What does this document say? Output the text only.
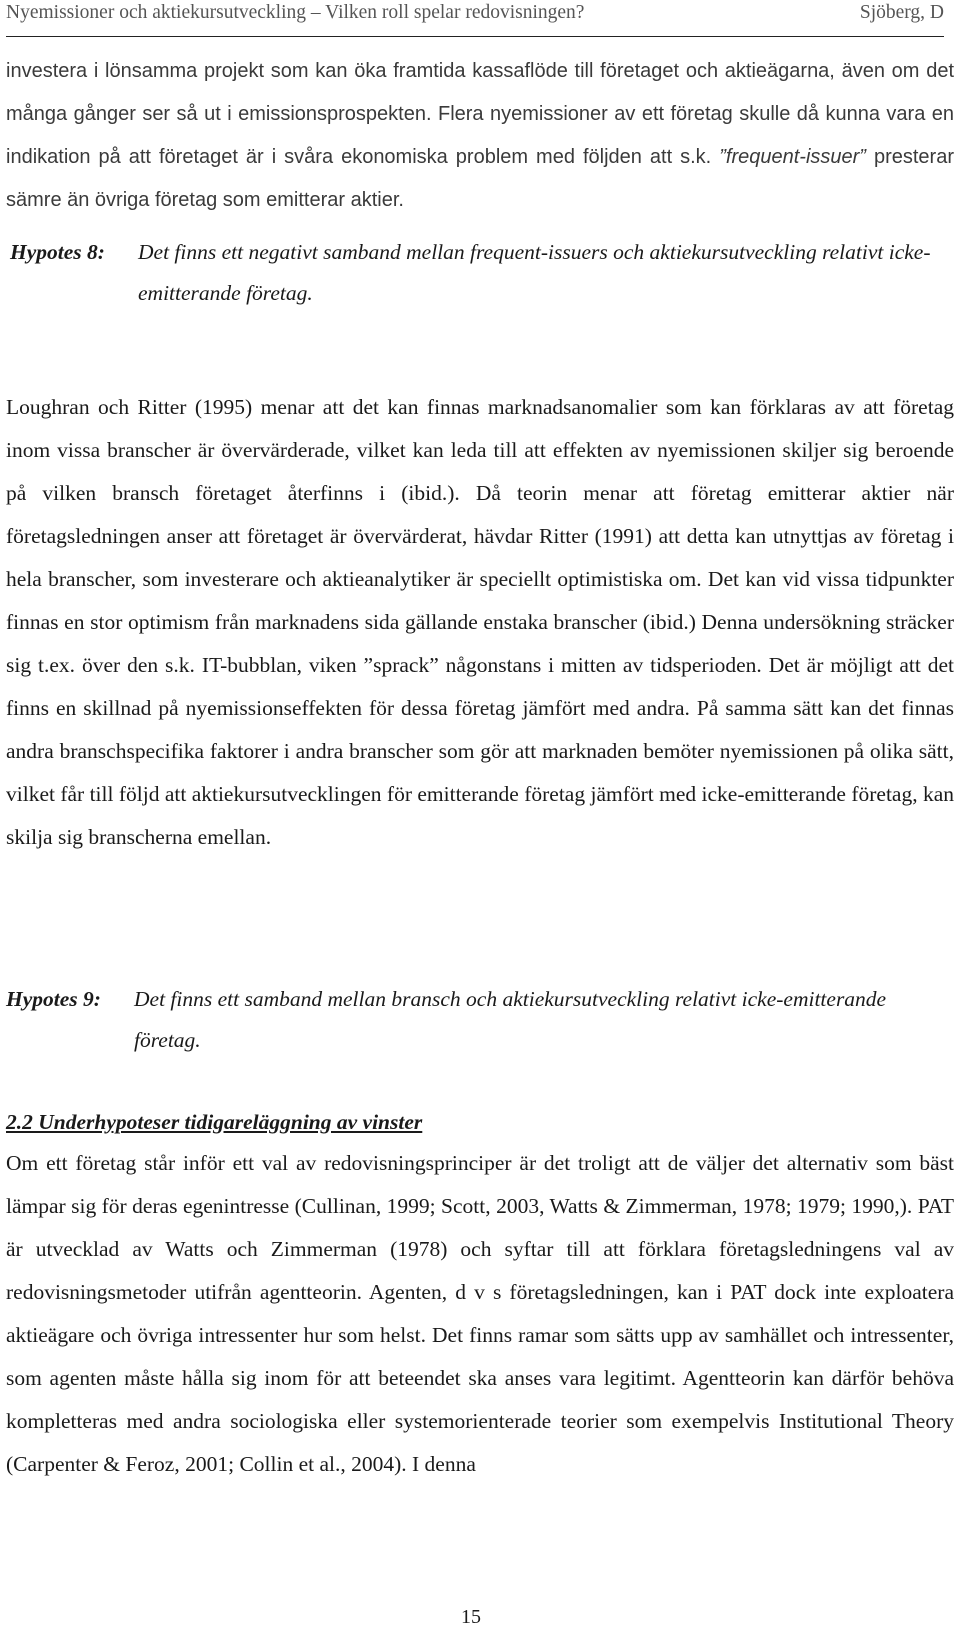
Nyemissioner och aktiekursutveckling – Vilken roll spelar redovisningen?	Sjöberg, D
investera i lönsamma projekt som kan öka framtida kassaflöde till företaget och aktieägarna, även om det många gånger ser så ut i emissionsprospekten. Flera nyemissioner av ett företag skulle då kunna vara en indikation på att företaget är i svåra ekonomiska problem med följden att s.k. ”frequent-issuer” presterar sämre än övriga företag som emitterar aktier.
Hypotes 8: Det finns ett negativt samband mellan frequent-issuers och aktiekursutveckling relativt icke-emitterande företag.
Loughran och Ritter (1995) menar att det kan finnas marknadsanomalier som kan förklaras av att företag inom vissa branscher är övervärderade, vilket kan leda till att effekten av nyemissionen skiljer sig beroende på vilken bransch företaget återfinns i (ibid.). Då teorin menar att företag emitterar aktier när företagsledningen anser att företaget är övervärderat, hävdar Ritter (1991) att detta kan utnyttjas av företag i hela branscher, som investerare och aktieanalytiker är speciellt optimistiska om. Det kan vid vissa tidpunkter finnas en stor optimism från marknadens sida gällande enstaka branscher (ibid.) Denna undersökning sträcker sig t.ex. över den s.k. IT-bubblan, viken ”sprack” någonstans i mitten av tidsperioden. Det är möjligt att det finns en skillnad på nyemissionseffekten för dessa företag jämfört med andra. På samma sätt kan det finnas andra branschspecifika faktorer i andra branscher som gör att marknaden bemöter nyemissionen på olika sätt, vilket får till följd att aktiekursutvecklingen för emitterande företag jämfört med icke-emitterande företag, kan skilja sig branscherna emellan.
Hypotes 9: Det finns ett samband mellan bransch och aktiekursutveckling relativt icke-emitterande företag.
2.2 Underhypoteser tidigareläggning av vinster
Om ett företag står inför ett val av redovisningsprinciper är det troligt att de väljer det alternativ som bäst lämpar sig för deras egenintresse (Cullinan, 1999; Scott, 2003, Watts & Zimmerman, 1978; 1979; 1990,). PAT är utvecklad av Watts och Zimmerman (1978) och syftar till att förklara företagsledningens val av redovisningsmetoder utifrån agentteorin. Agenten, d v s företagsledningen, kan i PAT dock inte exploatera aktieägare och övriga intressenter hur som helst. Det finns ramar som sätts upp av samhället och intressenter, som agenten måste hålla sig inom för att beteendet ska anses vara legitimt. Agentteorin kan därför behöva kompletteras med andra sociologiska eller systemorienterade teorier som exempelvis Institutional Theory (Carpenter & Feroz, 2001; Collin et al., 2004). I denna
15
